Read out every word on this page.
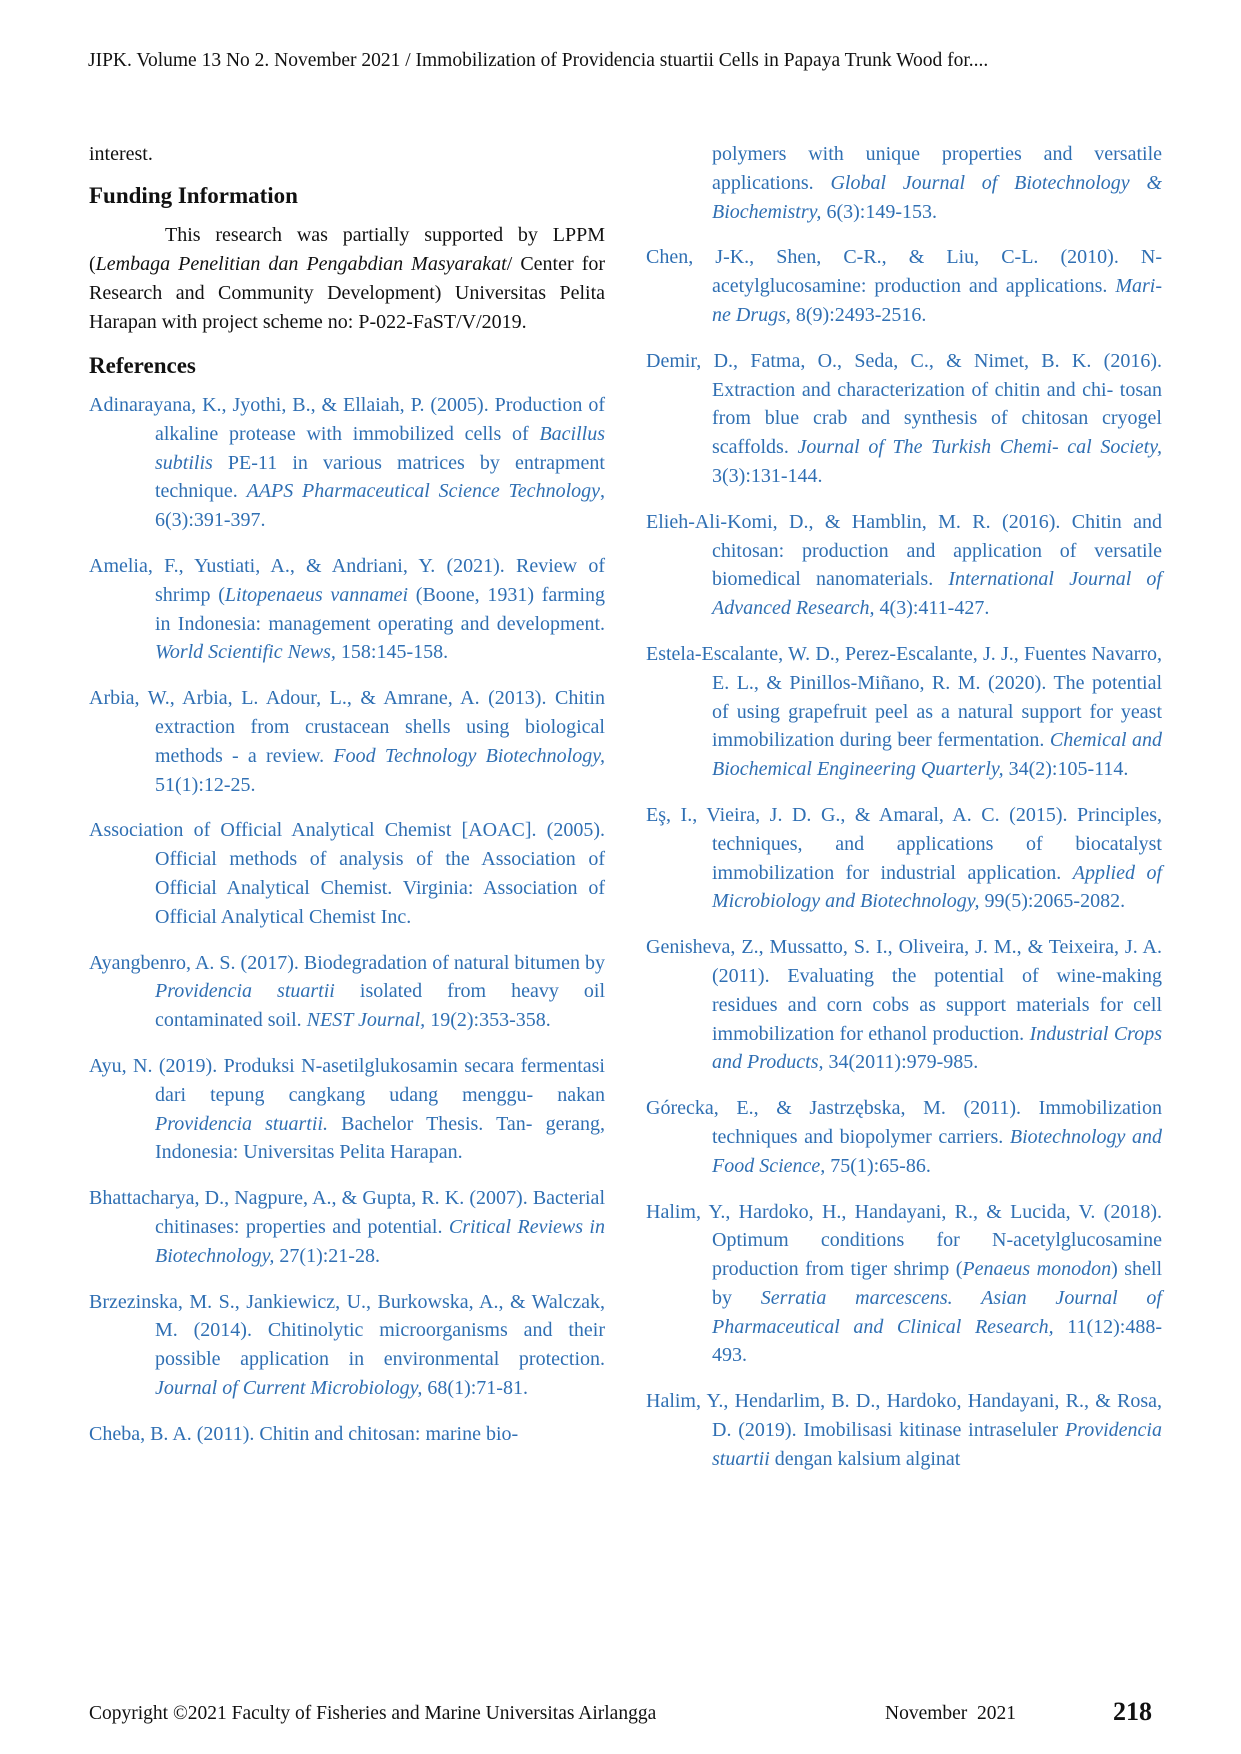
JIPK. Volume 13 No 2. November 2021 / Immobilization of Providencia stuartii Cells in Papaya Trunk Wood for....

interest.

Funding Information

This research was partially supported by LPPM (Lembaga Penelitian dan Pengabdian Masyarakat/ Center for Research and Community Development) Universitas Pelita Harapan with project scheme no: P-022-FaST/V/2019.

References

Adinarayana, K., Jyothi, B., & Ellaiah, P. (2005). Production of alkaline protease with immobilized cells of Bacillus subtilis PE-11 in various matrices by entrapment technique. AAPS Pharmaceutical Science Technology, 6(3):391-397.

Amelia, F., Yustiati, A., & Andriani, Y. (2021). Review of shrimp (Litopenaeus vannamei (Boone, 1931) farming in Indonesia: management operating and development. World Scientific News, 158:145-158.

Arbia, W., Arbia, L. Adour, L., & Amrane, A. (2013). Chitin extraction from crustacean shells using biological methods - a review. Food Technology Biotechnology, 51(1):12-25.

Association of Official Analytical Chemist [AOAC]. (2005). Official methods of analysis of the Association of Official Analytical Chemist. Virginia: Association of Official Analytical Chemist Inc.

Ayangbenro, A. S. (2017). Biodegradation of natural bitumen by Providencia stuartii isolated from heavy oil contaminated soil. NEST Journal, 19(2):353-358.

Ayu, N. (2019). Produksi N-asetilglukosamin secara fermentasi dari tepung cangkang udang menggu- nakan Providencia stuartii. Bachelor Thesis. Tan- gerang, Indonesia: Universitas Pelita Harapan.

Bhattacharya, D., Nagpure, A., & Gupta, R. K. (2007). Bacterial chitinases: properties and potential. Critical Reviews in Biotechnology, 27(1):21-28.

Brzezinska, M. S., Jankiewicz, U., Burkowska, A., & Walczak, M. (2014). Chitinolytic microorganisms and their possible application in environmental protection. Journal of Current Microbiology, 68(1):71-81.

Cheba, B. A. (2011). Chitin and chitosan: marine bio-

polymers with unique properties and versatile applications. Global Journal of Biotechnology & Biochemistry, 6(3):149-153.

Chen, J-K., Shen, C-R., & Liu, C-L. (2010). N-acetylglucosamine: production and applications. Mari- ne Drugs, 8(9):2493-2516.

Demir, D., Fatma, O., Seda, C., & Nimet, B. K. (2016). Extraction and characterization of chitin and chi- tosan from blue crab and synthesis of chitosan cryogel scaffolds. Journal of The Turkish Chemi- cal Society, 3(3):131-144.

Elieh-Ali-Komi, D., & Hamblin, M. R. (2016). Chitin and chitosan: production and application of versatile biomedical nanomaterials. International Journal of Advanced Research, 4(3):411-427.

Estela-Escalante, W. D., Perez-Escalante, J. J., Fuentes Navarro, E. L., & Pinillos-Miñano, R. M. (2020). The potential of using grapefruit peel as a natural support for yeast immobilization during beer fermentation. Chemical and Biochemical Engineering Quarterly, 34(2):105-114.

Eş, I., Vieira, J. D. G., & Amaral, A. C. (2015). Principles, techniques, and applications of biocatalyst immobilization for industrial application. Applied of Microbiology and Biotechnology, 99(5):2065-2082.

Genisheva, Z., Mussatto, S. I., Oliveira, J. M., & Teixeira, J. A. (2011). Evaluating the potential of wine-making residues and corn cobs as support materials for cell immobilization for ethanol production. Industrial Crops and Products, 34(2011):979-985.

Górecka, E., & Jastrzębska, M. (2011). Immobilization techniques and biopolymer carriers. Biotechnology and Food Science, 75(1):65-86.

Halim, Y., Hardoko, H., Handayani, R., & Lucida, V. (2018). Optimum conditions for N-acetylglucosamine production from tiger shrimp (Penaeus monodon) shell by Serratia marcescens. Asian Journal of Pharmaceutical and Clinical Research, 11(12):488-493.

Halim, Y., Hendarlim, B. D., Hardoko, Handayani, R., & Rosa, D. (2019). Imobilisasi kitinase intraseluler Providencia stuartii dengan kalsium alginat

Copyright ©2021 Faculty of Fisheries and Marine Universitas Airlangga	November  2021	218
